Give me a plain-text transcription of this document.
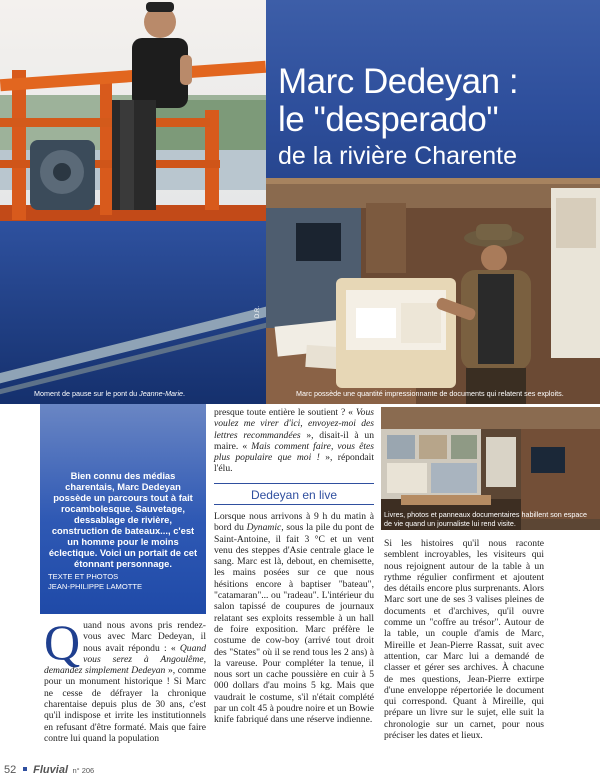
D.R.
Moment de pause sur le pont du Jeanne-Marie.
Marc Dedeyan :
le "desperado"
de la rivière Charente
Marc possède une quantité impressionnante de documents qui relatent ses exploits.
Bien connu des médias charentais, Marc Dedeyan possède un parcours tout à fait rocambolesque. Sauvetage, dessablage de rivière, construction de bateaux..., c'est un homme pour le moins éclectique. Voici un portait de cet étonnant personnage.
TEXTE ET PHOTOS
JEAN-PHILIPPE LAMOTTE
Quand nous avons pris rendez-vous avec Marc Dedeyan, il nous avait répondu : « Quand vous serez à Angoulême, demandez simplement Dedeyan », comme pour un monument historique ! Si Marc ne cesse de défrayer la chronique charentaise depuis plus de 30 ans, c'est qu'il indispose et irrite les institutionnels en refusant d'être formaté. Mais que faire contre lui quand la population
presque toute entière le soutient ? « Vous voulez me virer d'ici, envoyez-moi des lettres recommandées », disait-il à un maire. « Mais comment faire, vous êtes plus populaire que moi ! », répondait l'élu.
Dedeyan en live
Lorsque nous arrivons à 9 h du matin à bord du Dynamic, sous la pile du pont de Saint-Antoine, il fait 3 °C et un vent venu des steppes d'Asie centrale glace le sang. Marc est là, debout, en chemisette, les mains posées sur ce que nous hésitions encore à baptiser "bateau", "catamaran"... ou "radeau". L'intérieur du salon tapissé de coupures de journaux relatant ses exploits ressemble à un hall de foire exposition. Marc préfère le costume de cow-boy (arrivé tout droit des "States" où il se rend tous les 2 ans) à la vareuse. Pour compléter la tenue, il nous sort un cache poussière en cuir à 5 000 dollars d'au moins 5 kg. Mais que vaudrait le costume, s'il n'était complété par un colt 45 à poudre noire et un Bowie knife fabriqué dans une réserve indienne.
Livres, photos et panneaux documentaires habillent son espace de vie quand un journaliste lui rend visite.
Si les histoires qu'il nous raconte semblent incroyables, les visiteurs qui nous rejoignent autour de la table à un rythme régulier confirment et ajoutent des détails encore plus surprenants. Alors Marc sort une de ses 3 valises pleines de documents et d'archives, qu'il ouvre comme un "coffre au trésor". Autour de la table, un couple d'amis de Marc, Mireille et Jean-Pierre Rassat, suit avec attention, car Marc lui a demandé de classer et gérer ses archives. À chacune de mes questions, Jean-Pierre extirpe d'une enveloppe répertoriée le document qui correspond. Quant à Mireille, qui prépare un livre sur le sujet, elle suit la chronologie sur un carnet, pour nous préciser les dates et lieux.
52 Fluvial n° 206
